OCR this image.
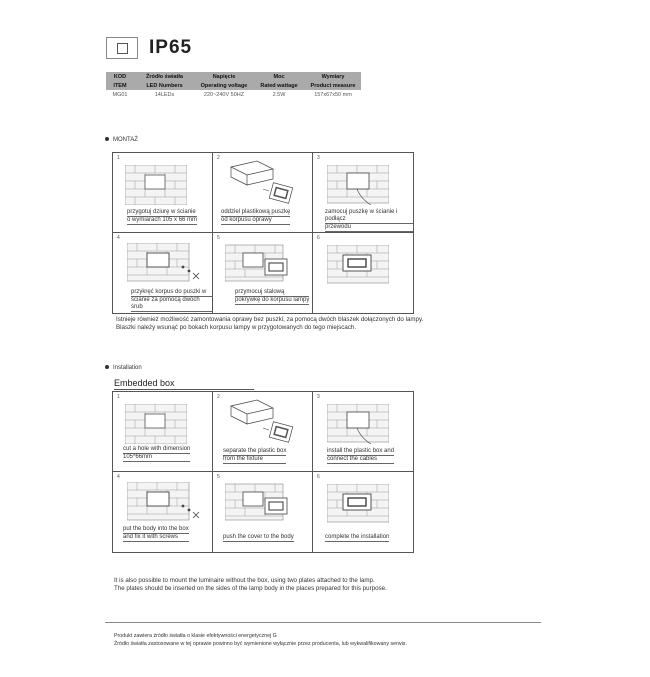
IP65
KOD	Źródło światła	Napięcie	Moc	Wymiary
ITEM	LED Numbers	Operating voltage	Rated wattage	Product measure
MG01	14LEDs	220~240V 50HZ	2.5W	157x67x50 mm
MONTAŻ
1
przygotuj dziurę w ścianie
o wymiarach 105 x 66 mm
2
oddziel plastikową puszkę
od korpusu oprawy
3
zamocuj puszkę w ścianie i podłącz
przewodu
4
przykręć korpus do puszki w
ścianie za pomocą dwóch śrub
5
przymocuj stalową
pokrywkę do korpusu lampy
6
Istnieje również możliwość zamontowania oprawy bez puszki, za pomocą dwóch blaszek dołączonych do lampy.
Blaszki należy wsunąć po bokach korpusu lampy w przygotowanych do tego miejscach.
Installation
Embedded box
1
cut a hole with dimension
105*66mm
2
separate the plastic box
from the fixture
3
install the plastic box and
connect the cables
4
put the body into the box
and fix it with screws
5
push the cover to the body
6
complete the installation
It is also possible to mount the luminaire without the box, using two plates attached to the lamp.
The plates should be inserted on the sides of the lamp body in the places prepared for this purpose.
Produkt zawiera źródło światła o klasie efektywności energetycznej G
Źródło światła zastosowane w tej oprawie powinno być wymienione wyłącznie przez producenta, lub wykwalifikowany serwis.
